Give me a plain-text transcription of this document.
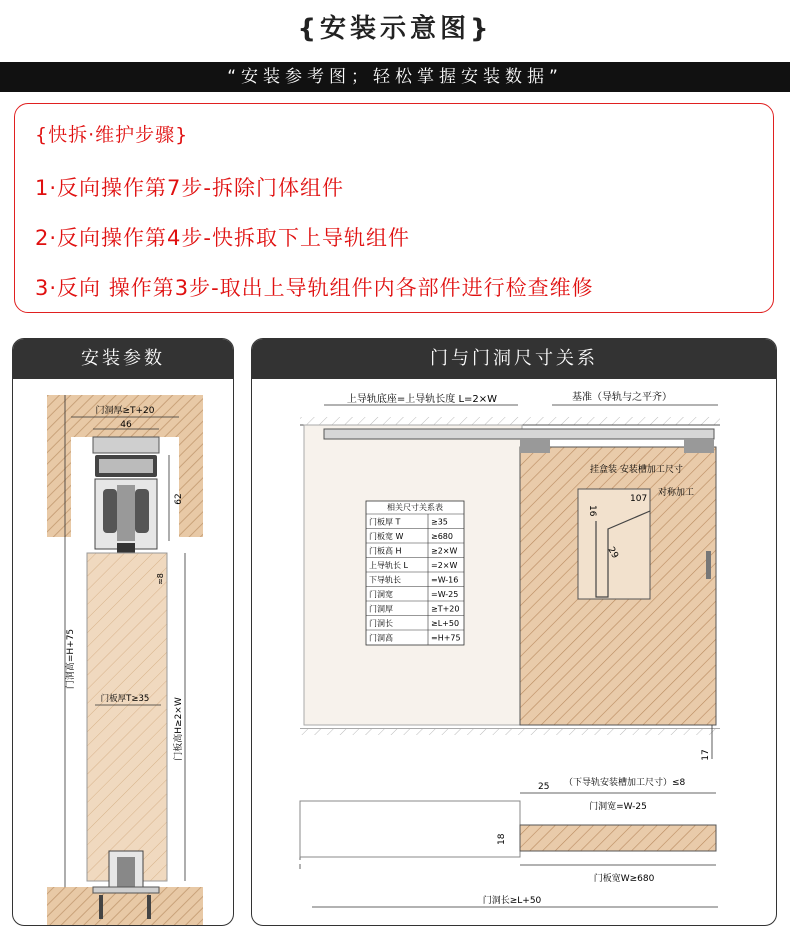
{安装示意图}
“安装参考图；轻松掌握安装数据”
{快拆·维护步骤}
1·反向操作第7步-拆除门体组件
2·反向操作第4步-快拆取下上导轨组件
3·反向 操作第3步-取出上导轨组件内各部件进行检查维修
安装参数
46
门洞厚≥T+20
62
≈8
门板厚T≥35
门洞高=H+75
门板高H≥2×W
门与门洞尺寸关系
上导轨底座=上导轨长度 L=2×W	基准（导轨与之平齐）
挂盒装 安装槽加工尺寸
对称加工
16
107
29
17
相关尺寸关系表
门板厚 T	≥35
门板宽 W	≥680
门板高 H	≥2×W
上导轨长 L	=2×W
下导轨长	=W-16
门洞宽	=W-25
门洞厚	≥T+20
门洞长	≥L+50
门洞高	=H+75
门洞宽=W-25
25 （下导轨安装槽加工尺寸）≤8
18
门板宽W≥680
门洞长≥L+50
